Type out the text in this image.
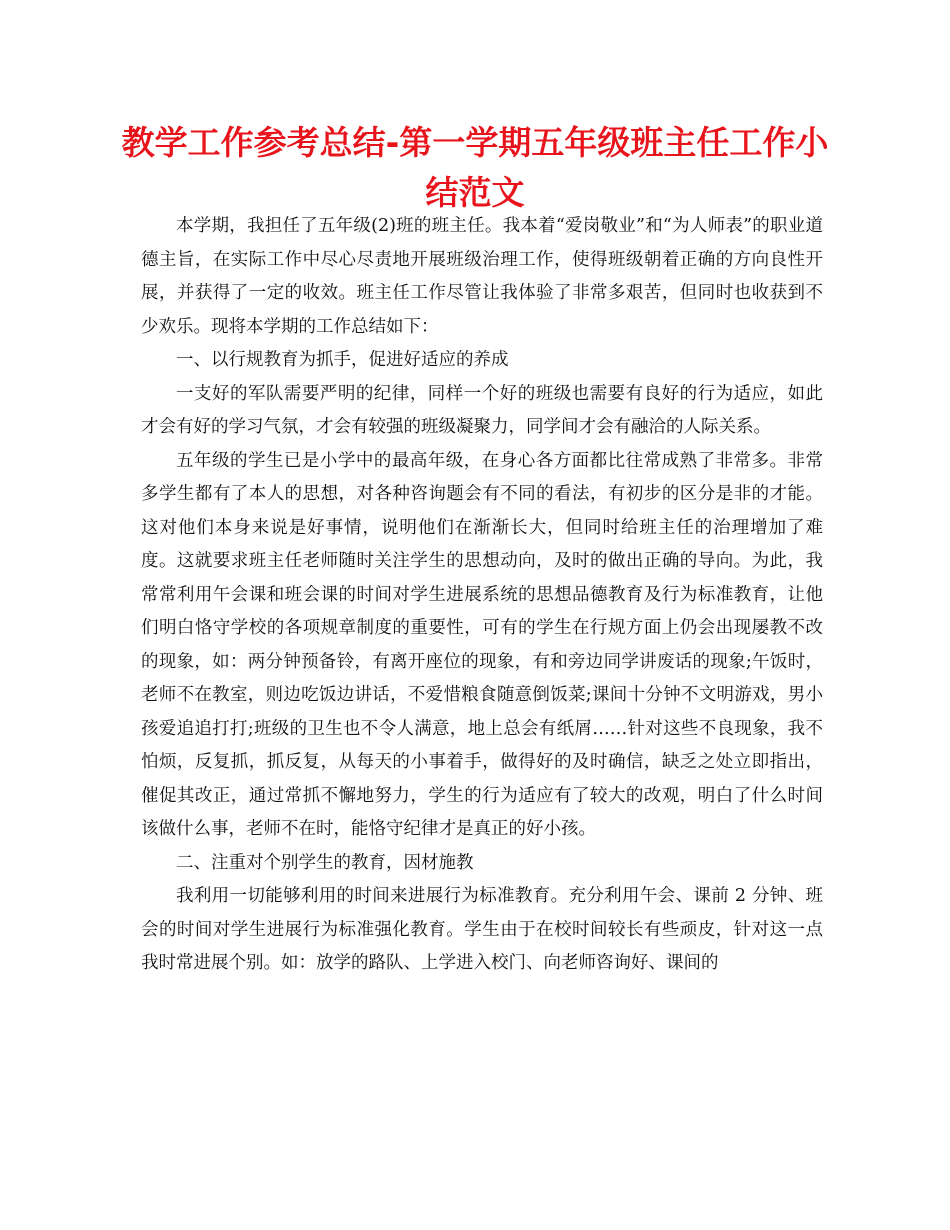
教学工作参考总结-第一学期五年级班主任工作小结范文

本学期，我担任了五年级(2)班的班主任。我本着“爱岗敬业”和“为人师表”的职业道德主旨，在实际工作中尽心尽责地开展班级治理工作，使得班级朝着正确的方向良性开展，并获得了一定的收效。班主任工作尽管让我体验了非常多艰苦，但同时也收获到不少欢乐。现将本学期的工作总结如下：

一、以行规教育为抓手，促进好适应的养成

一支好的军队需要严明的纪律，同样一个好的班级也需要有良好的行为适应，如此才会有好的学习气氛，才会有较强的班级凝聚力，同学间才会有融洽的人际关系。

五年级的学生已是小学中的最高年级，在身心各方面都比往常成熟了非常多。非常多学生都有了本人的思想，对各种咨询题会有不同的看法，有初步的区分是非的才能。这对他们本身来说是好事情，说明他们在渐渐长大，但同时给班主任的治理增加了难度。这就要求班主任老师随时关注学生的思想动向，及时的做出正确的导向。为此，我常常利用午会课和班会课的时间对学生进展系统的思想品德教育及行为标准教育，让他们明白恪守学校的各项规章制度的重要性，可有的学生在行规方面上仍会出现屡教不改的现象，如：两分钟预备铃，有离开座位的现象，有和旁边同学讲废话的现象;午饭时，老师不在教室，则边吃饭边讲话，不爱惜粮食随意倒饭菜;课间十分钟不文明游戏，男小孩爱追追打打;班级的卫生也不令人满意，地上总会有纸屑……针对这些不良现象，我不怕烦，反复抓，抓反复，从每天的小事着手，做得好的及时确信，缺乏之处立即指出，催促其改正，通过常抓不懈地努力，学生的行为适应有了较大的改观，明白了什么时间该做什么事，老师不在时，能恪守纪律才是真正的好小孩。

二、注重对个别学生的教育，因材施教

我利用一切能够利用的时间来进展行为标准教育。充分利用午会、课前 2 分钟、班会的时间对学生进展行为标准强化教育。学生由于在校时间较长有些顽皮，针对这一点我时常进展个别。如：放学的路队、上学进入校门、向老师咨询好、课间的
